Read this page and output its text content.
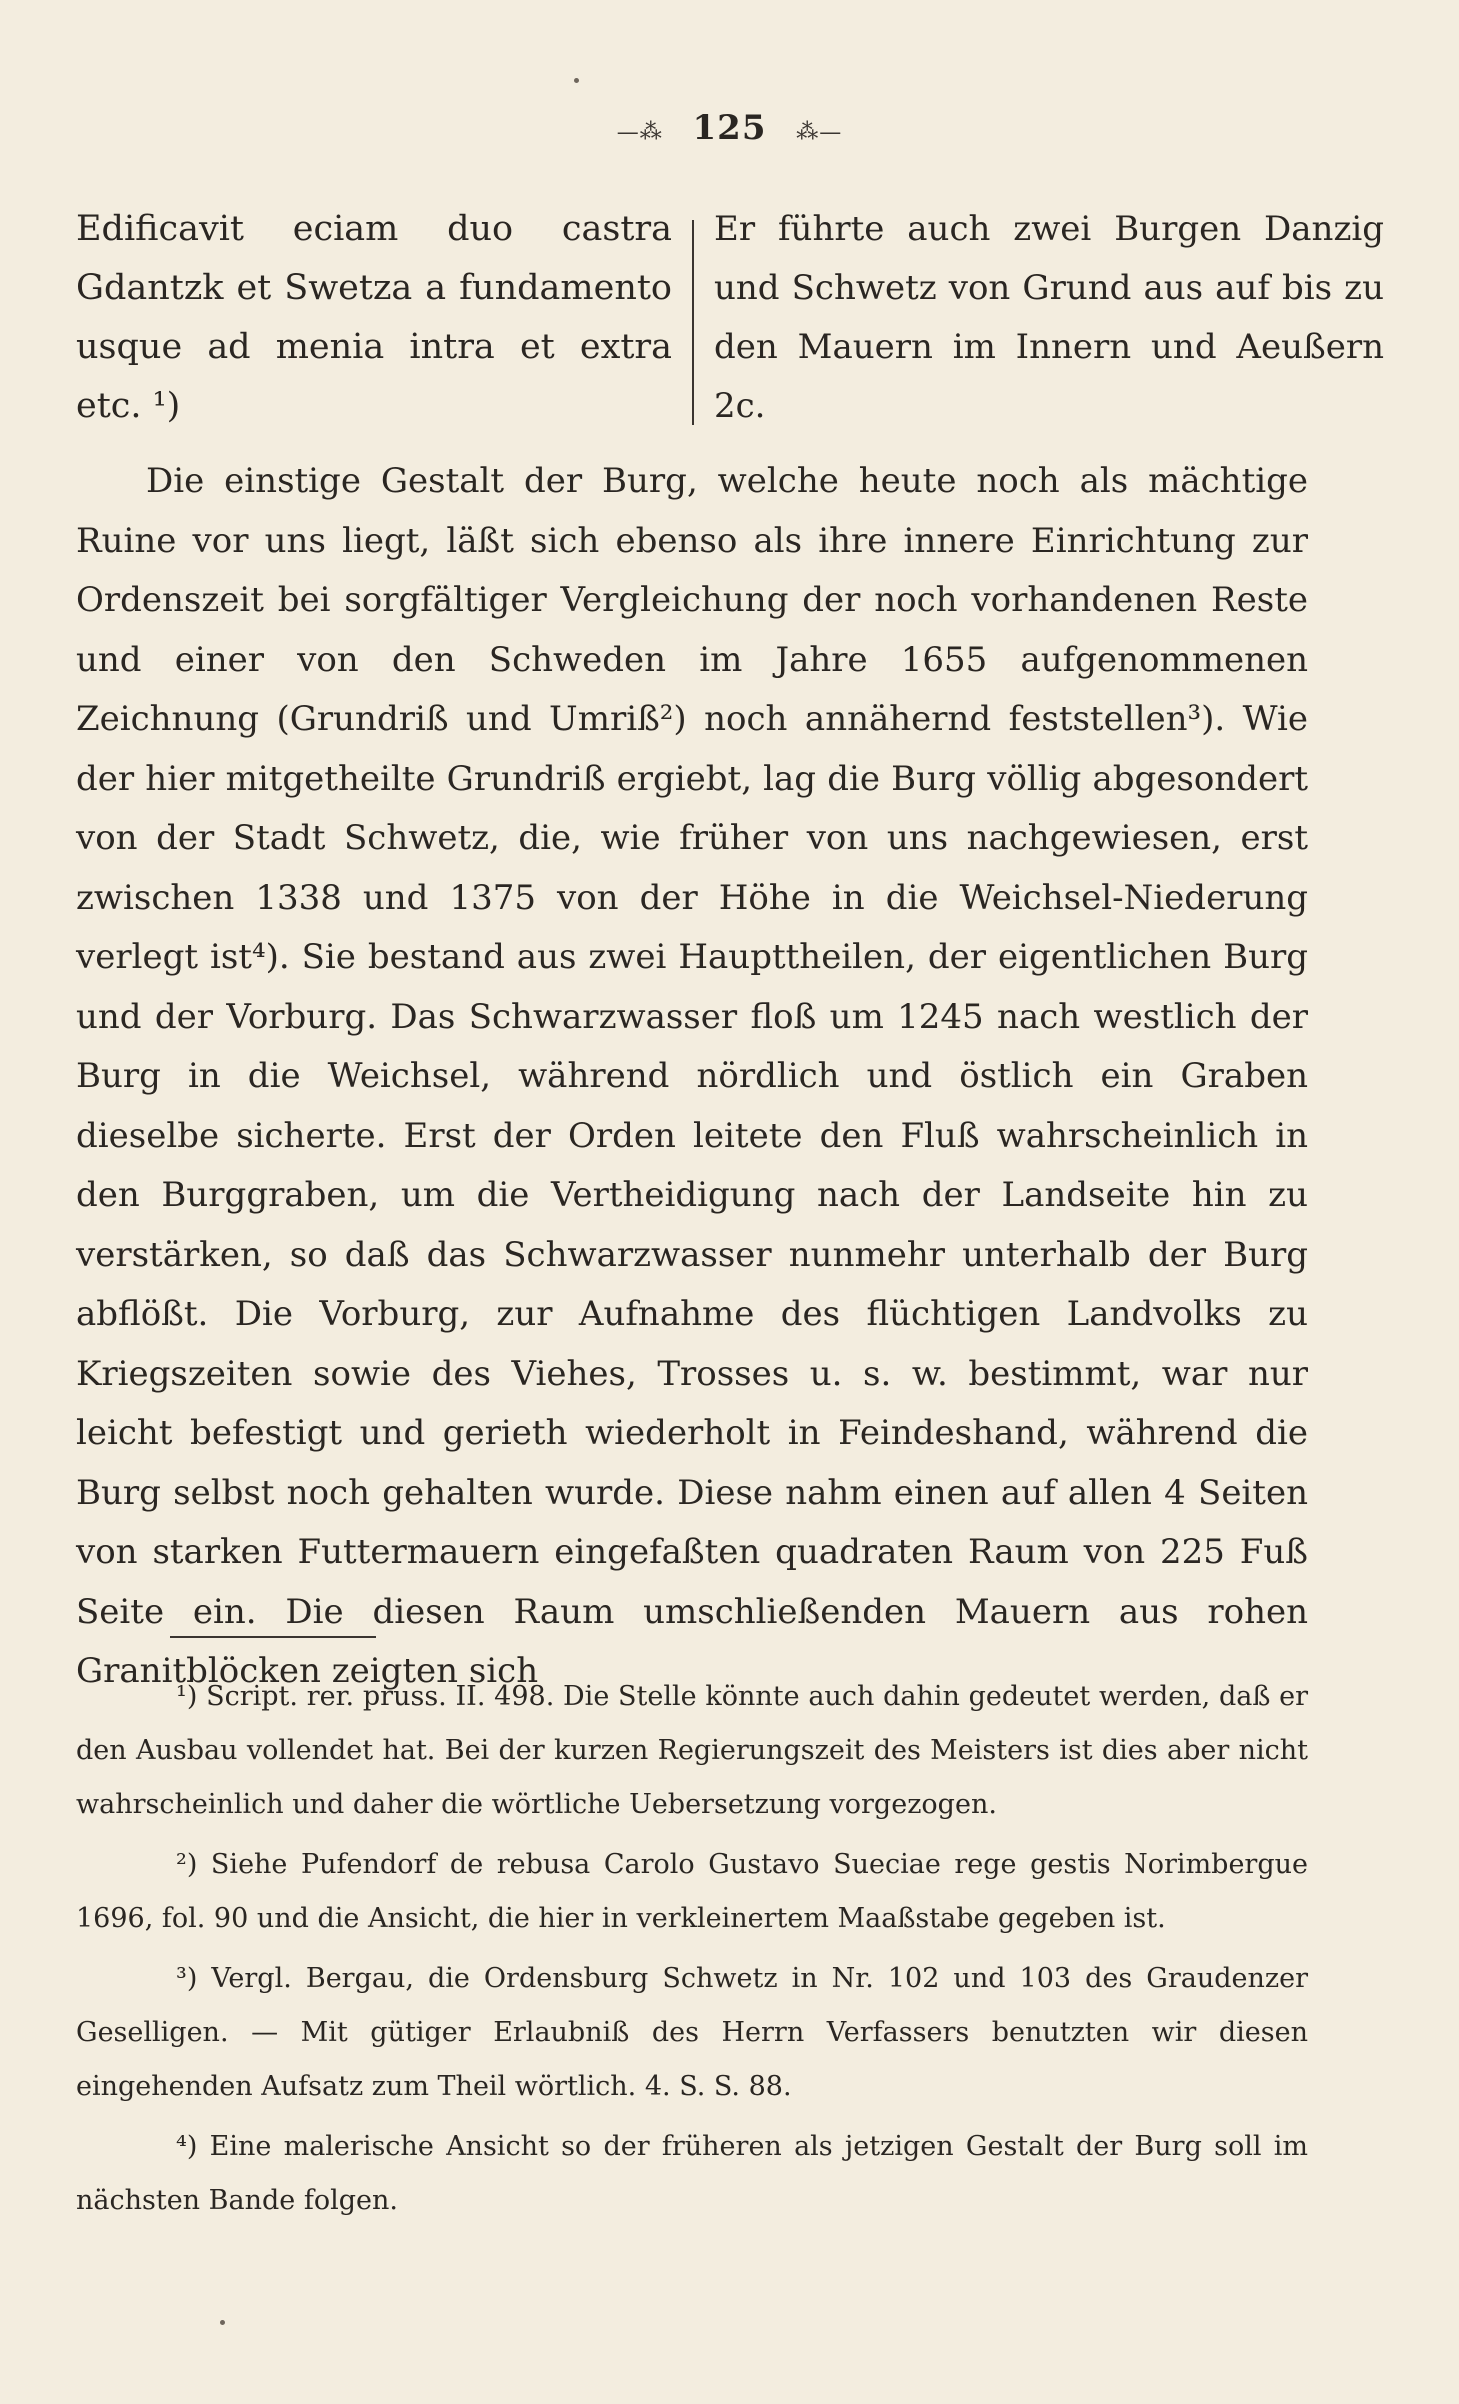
—⁂ 125 ⁂—
Edificavit eciam duo castra Gdantzk et Swetza a fundamento usque ad menia intra et extra etc. ¹)
Er führte auch zwei Burgen Danzig und Schwetz von Grund aus auf bis zu den Mauern im Innern und Aeußern 2c.
Die einstige Gestalt der Burg, welche heute noch als mächtige Ruine vor uns liegt, läßt sich ebenso als ihre innere Einrichtung zur Ordenszeit bei sorgfältiger Vergleichung der noch vorhandenen Reste und einer von den Schweden im Jahre 1655 aufgenommenen Zeichnung (Grundriß und Umriß²) noch annähernd feststellen³). Wie der hier mitgetheilte Grundriß ergiebt, lag die Burg völlig abgesondert von der Stadt Schwetz, die, wie früher von uns nachgewiesen, erst zwischen 1338 und 1375 von der Höhe in die Weichsel-Niederung verlegt ist⁴). Sie bestand aus zwei Haupttheilen, der eigentlichen Burg und der Vorburg. Das Schwarzwasser floß um 1245 nach westlich der Burg in die Weichsel, während nördlich und östlich ein Graben dieselbe sicherte. Erst der Orden leitete den Fluß wahrscheinlich in den Burggraben, um die Vertheidigung nach der Landseite hin zu verstärken, so daß das Schwarzwasser nunmehr unterhalb der Burg abflößt. Die Vorburg, zur Aufnahme des flüchtigen Landvolks zu Kriegszeiten sowie des Viehes, Trosses u. s. w. bestimmt, war nur leicht befestigt und gerieth wiederholt in Feindeshand, während die Burg selbst noch gehalten wurde. Diese nahm einen auf allen 4 Seiten von starken Futtermauern eingefaßten quadraten Raum von 225 Fuß Seite ein. Die diesen Raum umschließenden Mauern aus rohen Granitblöcken zeigten sich

¹) Script. rer. pruss. II. 498. Die Stelle könnte auch dahin gedeutet werden, daß er den Ausbau vollendet hat. Bei der kurzen Regierungszeit des Meisters ist dies aber nicht wahrscheinlich und daher die wörtliche Uebersetzung vorgezogen.

²) Siehe Pufendorf de rebusa Carolo Gustavo Sueciae rege gestis Norimbergue 1696, fol. 90 und die Ansicht, die hier in verkleinertem Maaßstabe gegeben ist.

³) Vergl. Bergau, die Ordensburg Schwetz in Nr. 102 und 103 des Graudenzer Geselligen. — Mit gütiger Erlaubniß des Herrn Verfassers benutzten wir diesen eingehenden Aufsatz zum Theil wörtlich. 4. S. S. 88.

⁴) Eine malerische Ansicht so der früheren als jetzigen Gestalt der Burg soll im nächsten Bande folgen.
